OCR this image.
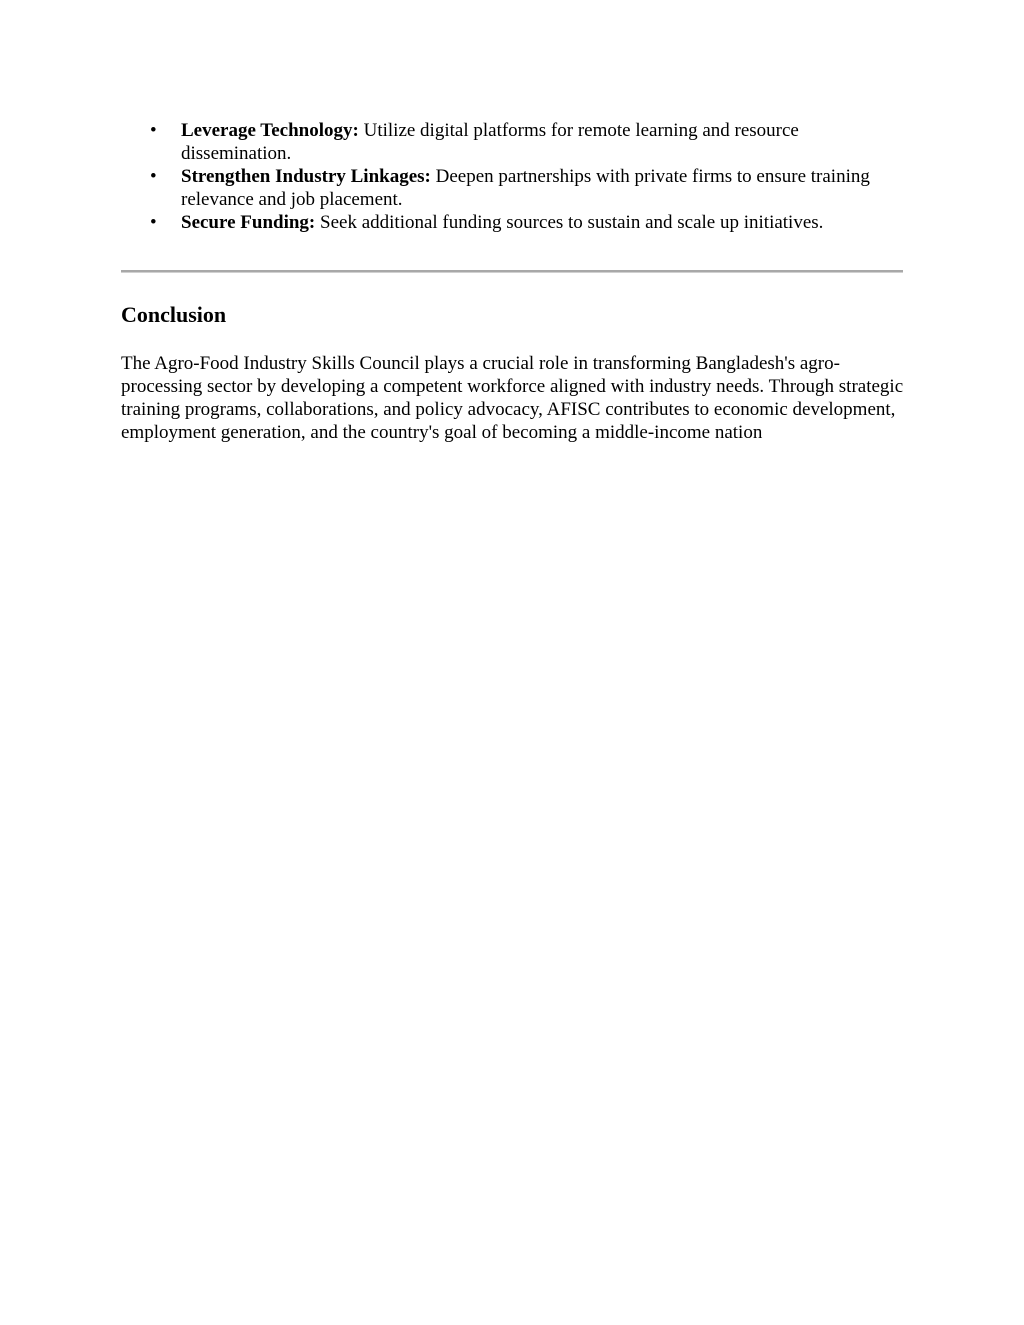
• Leverage Technology: Utilize digital platforms for remote learning and resource dissemination.
• Strengthen Industry Linkages: Deepen partnerships with private firms to ensure training relevance and job placement.
• Secure Funding: Seek additional funding sources to sustain and scale up initiatives.
Conclusion

The Agro-Food Industry Skills Council plays a crucial role in transforming Bangladesh's agro-processing sector by developing a competent workforce aligned with industry needs. Through strategic training programs, collaborations, and policy advocacy, AFISC contributes to economic development, employment generation, and the country's goal of becoming a middle-income nation
